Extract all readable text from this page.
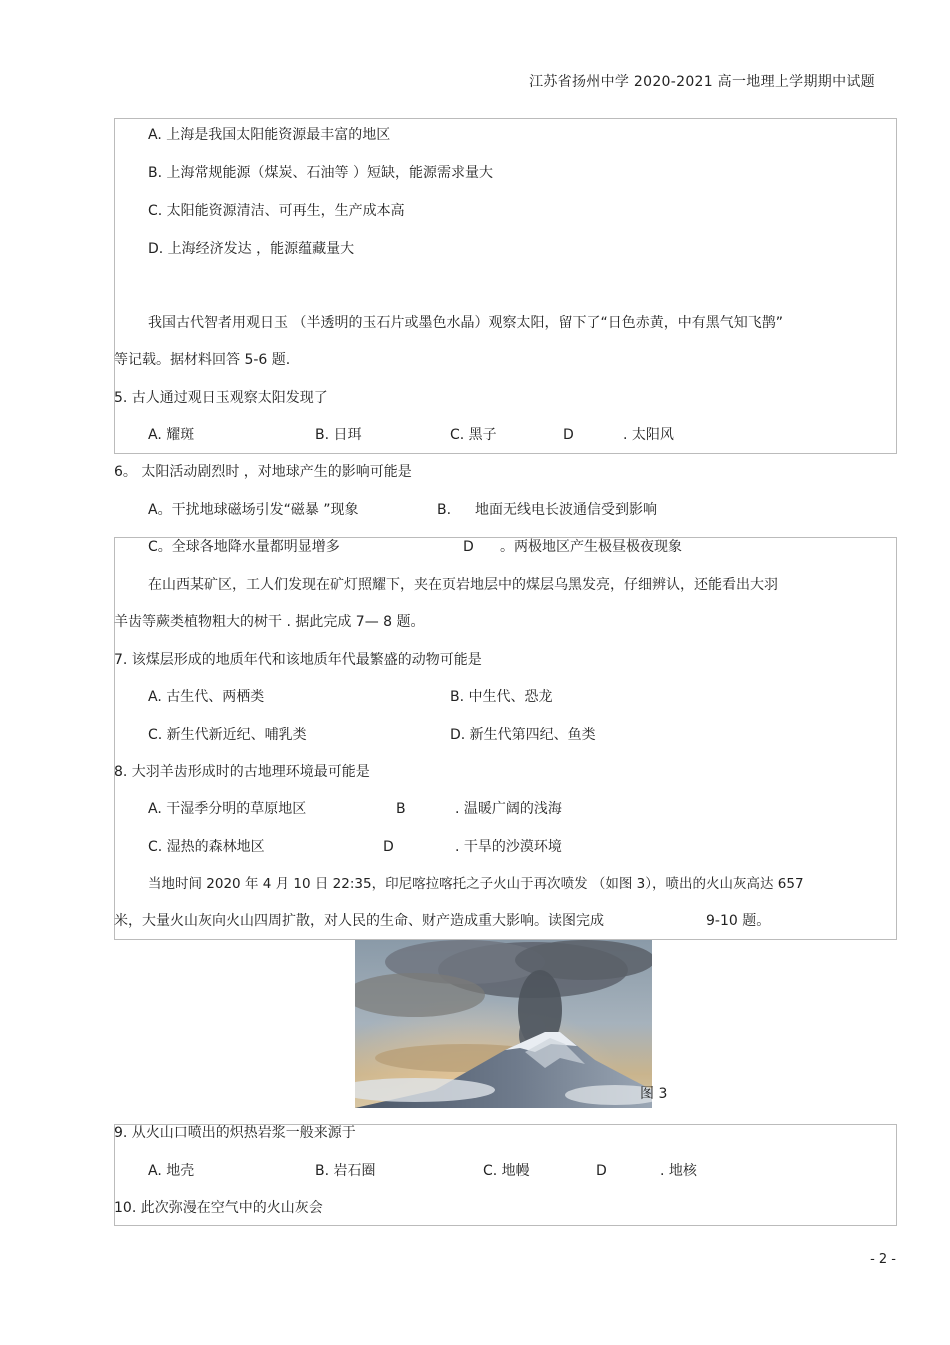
江苏省扬州中学 2020-2021 高一地理上学期期中试题
A. 上海是我国太阳能资源最丰富的地区
B. 上海常规能源（煤炭、石油等 ）短缺，能源需求量大
C. 太阳能资源清洁、可再生，生产成本高
D. 上海经济发达 ，能源蕴藏量大
我国古代智者用观日玉 （半透明的玉石片或墨色水晶）观察太阳，留下了“日色赤黄，中有黑气知飞鹊”
等记载。据材料回答 5-6 题.
5. 古人通过观日玉观察太阳发现了
A. 耀斑	B. 日珥	C. 黑子	D	. 太阳风
6。 太阳活动剧烈时 ，对地球产生的影响可能是
A。干扰地球磁场引发“磁暴 ”现象	B. 地面无线电长波通信受到影响
C。全球各地降水量都明显增多	D 。两极地区产生极昼极夜现象
在山西某矿区，工人们发现在矿灯照耀下，夹在页岩地层中的煤层乌黑发亮，仔细辨认，还能看出大羽
羊齿等蕨类植物粗大的树干 . 据此完成 7— 8 题。
7. 该煤层形成的地质年代和该地质年代最繁盛的动物可能是
A. 古生代、两栖类	B. 中生代、恐龙
C. 新生代新近纪、哺乳类	D. 新生代第四纪、鱼类
8. 大羽羊齿形成时的古地理环境最可能是
A. 干湿季分明的草原地区	B	. 温暖广阔的浅海
C. 湿热的森林地区	D	. 干旱的沙漠环境
当地时间 2020 年 4 月 10 日 22:35，印尼喀拉喀托之子火山于再次喷发 （如图 3），喷出的火山灰高达 657
米，大量火山灰向火山四周扩散，对人民的生命、财产造成重大影响。读图完成	9-10 题。
图 3
9. 从火山口喷出的炽热岩浆一般来源于
A. 地壳	B. 岩石圈	C. 地幔	D	. 地核
10. 此次弥漫在空气中的火山灰会
- 2 -
